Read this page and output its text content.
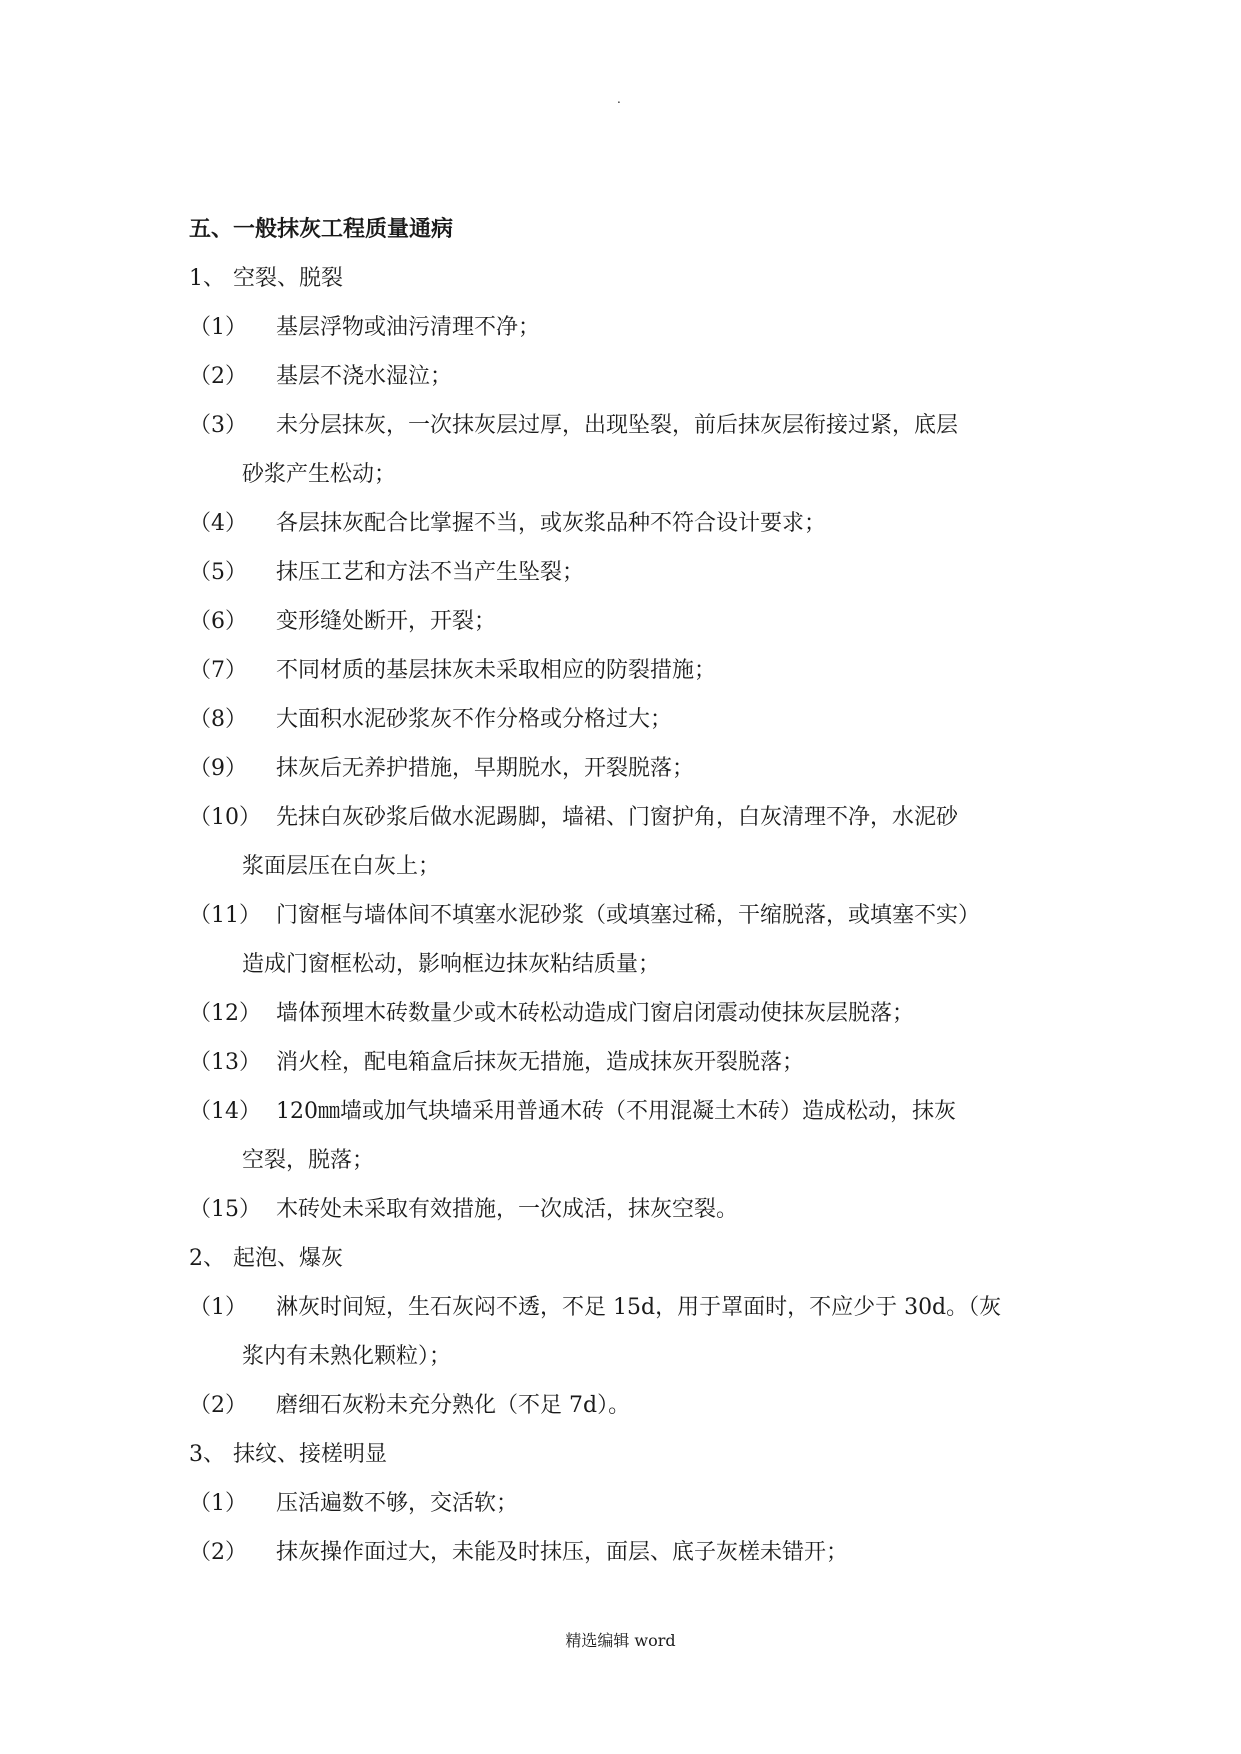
.
五、一般抹灰工程质量通病
1、 空裂、脱裂
（1）	基层浮物或油污清理不净；
（2）	基层不浇水湿泣；
（3）	未分层抹灰，一次抹灰层过厚，出现坠裂，前后抹灰层衔接过紧，底层
砂浆产生松动；
（4）	各层抹灰配合比掌握不当，或灰浆品种不符合设计要求；
（5）	抹压工艺和方法不当产生坠裂；
（6）	变形缝处断开，开裂；
（7）	不同材质的基层抹灰未采取相应的防裂措施；
（8）	大面积水泥砂浆灰不作分格或分格过大；
（9）	抹灰后无养护措施，早期脱水，开裂脱落；
（10） 先抹白灰砂浆后做水泥踢脚，墙裙、门窗护角，白灰清理不净，水泥砂
浆面层压在白灰上；
（11） 门窗框与墙体间不填塞水泥砂浆（或填塞过稀，干缩脱落，或填塞不实）
造成门窗框松动，影响框边抹灰粘结质量；
（12） 墙体预埋木砖数量少或木砖松动造成门窗启闭震动使抹灰层脱落；
（13） 消火栓，配电箱盒后抹灰无措施，造成抹灰开裂脱落；
（14） 120㎜墙或加气块墙采用普通木砖（不用混凝土木砖）造成松动，抹灰
空裂，脱落；
（15） 木砖处未采取有效措施，一次成活，抹灰空裂。
2、 起泡、爆灰
（1）	淋灰时间短，生石灰闷不透，不足 15d，用于罩面时，不应少于 30d。（灰
浆内有未熟化颗粒）；
（2）	磨细石灰粉未充分熟化（不足 7d）。
3、 抹纹、接槎明显
（1）	压活遍数不够，交活软；
（2）	抹灰操作面过大，未能及时抹压，面层、底子灰槎未错开；
精选编辑 word
